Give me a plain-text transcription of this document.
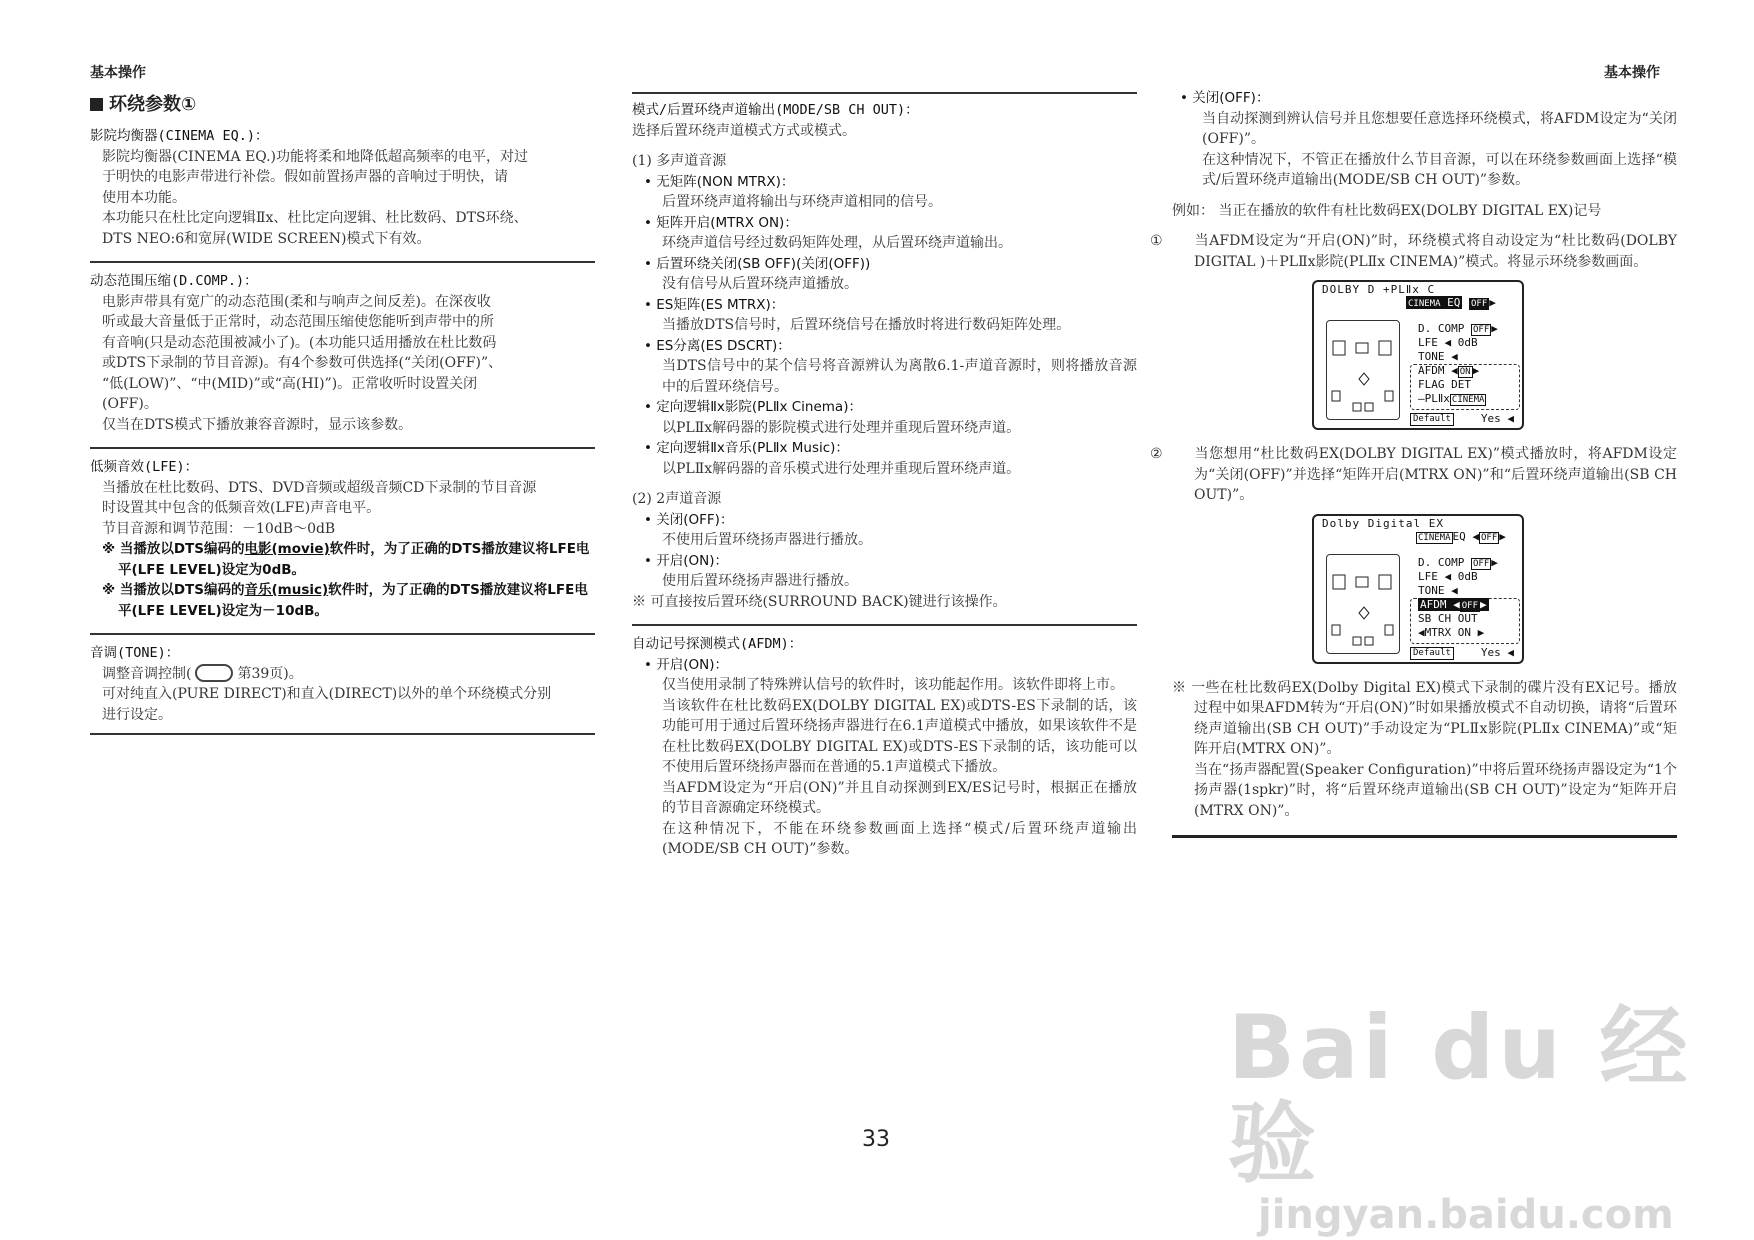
基本操作	基本操作
环绕参数①
影院均衡器(CINEMA EQ.)：
影院均衡器(CINEMA EQ.)功能将柔和地降低超高频率的电平，对过
于明快的电影声带进行补偿。假如前置扬声器的音响过于明快，请
使用本功能。
本功能只在杜比定向逻辑Ⅱx、杜比定向逻辑、杜比数码、DTS环绕、
DTS NEO:6和宽屏(WIDE SCREEN)模式下有效。
动态范围压缩(D.COMP.)：
电影声带具有宽广的动态范围(柔和与响声之间反差)。在深夜收
听或最大音量低于正常时，动态范围压缩使您能听到声带中的所
有音响(只是动态范围被减小了)。(本功能只适用播放在杜比数码
或DTS下录制的节目音源)。有4个参数可供选择(“关闭(OFF)”、
“低(LOW)”、“中(MID)”或“高(HI)”)。正常收听时设置关闭
(OFF)。
仅当在DTS模式下播放兼容音源时，显示该参数。
低频音效(LFE)：
当播放在杜比数码、DTS、DVD音频或超级音频CD下录制的节目音源
时设置其中包含的低频音效(LFE)声音电平。
节目音源和调节范围：－10dB～0dB
※ 当播放以DTS编码的电影(movie)软件时，为了正确的DTS播放建议将LFE电平(LFE LEVEL)设定为0dB。
※ 当播放以DTS编码的音乐(music)软件时，为了正确的DTS播放建议将LFE电平(LFE LEVEL)设定为－10dB。
音调(TONE)：
调整音调控制(	第39页)。
可对纯直入(PURE DIRECT)和直入(DIRECT)以外的单个环绕模式分别
进行设定。
模式/后置环绕声道输出(MODE/SB CH OUT)：
选择后置环绕声道模式方式或模式。
(1) 多声道音源
• 无矩阵(NON MTRX)：
后置环绕声道将输出与环绕声道相同的信号。
• 矩阵开启(MTRX ON)：
环绕声道信号经过数码矩阵处理，从后置环绕声道输出。
• 后置环绕关闭(SB OFF)(关闭(OFF))
没有信号从后置环绕声道播放。
• ES矩阵(ES MTRX)：
当播放DTS信号时，后置环绕信号在播放时将进行数码矩阵处理。
• ES分离(ES DSCRT)：
当DTS信号中的某个信号将音源辨认为离散6.1-声道音源时，则将播放音源中的后置环绕信号。
• 定向逻辑Ⅱx影院(PLⅡx Cinema)：
以PLⅡx解码器的影院模式进行处理并重现后置环绕声道。
• 定向逻辑Ⅱx音乐(PLⅡx Music)：
以PLⅡx解码器的音乐模式进行处理并重现后置环绕声道。
(2) 2声道音源
• 关闭(OFF)：
不使用后置环绕扬声器进行播放。
• 开启(ON)：
使用后置环绕扬声器进行播放。
※ 可直接按后置环绕(SURROUND BACK)键进行该操作。
自动记号探测模式(AFDM)：
• 开启(ON)：
仅当使用录制了特殊辨认信号的软件时，该功能起作用。该软件即将上市。
当该软件在杜比数码EX(DOLBY DIGITAL EX)或DTS-ES下录制的话，该功能可用于通过后置环绕扬声器进行在6.1声道模式中播放，如果该软件不是在杜比数码EX(DOLBY DIGITAL EX)或DTS-ES下录制的话，该功能可以不使用后置环绕扬声器而在普通的5.1声道模式下播放。
当AFDM设定为“开启(ON)”并且自动探测到EX/ES记号时，根据正在播放的节目音源确定环绕模式。
在这种情况下，不能在环绕参数画面上选择“模式/后置环绕声道输出(MODE/SB CH OUT)”参数。
• 关闭(OFF)：
当自动探测到辨认信号并且您想要任意选择环绕模式，将AFDM设定为“关闭(OFF)”。
在这种情况下，不管正在播放什么节目音源，可以在环绕参数画面上选择“模式/后置环绕声道输出(MODE/SB CH OUT)”参数。
例如： 当正在播放的软件有杜比数码EX(DOLBY DIGITAL EX)记号
① 当AFDM设定为“开启(ON)”时，环绕模式将自动设定为“杜比数码(DOLBY DIGITAL )＋PLⅡx影院(PLⅡx CINEMA)”模式。将显示环绕参数画面。
DOLBY D +PLⅡx C
CINEMA EQ OFF ▶
D. COMP OFF ▶
LFE ◀ 0dB
TONE ◀
AFDM ◀ ON ▶
FLAG DET
—PLⅡx CINEMA
Default	Yes ◀
② 当您想用“杜比数码EX(DOLBY DIGITAL EX)”模式播放时，将AFDM设定为“关闭(OFF)”并选择“矩阵开启(MTRX ON)”和“后置环绕声道输出(SB CH OUT)”。
Dolby Digital EX
CINEMA EQ ◀ OFF ▶
D. COMP OFF ▶
LFE ◀ 0dB
TONE ◀
AFDM ◀ OFF ▶
SB CH OUT
◀MTRX ON ▶
Default	Yes ◀
※ 一些在杜比数码EX(Dolby Digital EX)模式下录制的碟片没有EX记号。播放过程中如果AFDM转为“开启(ON)”时如果播放模式不自动切换，请将“后置环绕声道输出(SB CH OUT)”手动设定为“PLⅡx影院(PLⅡx CINEMA)”或“矩阵开启(MTRX ON)”。
当在“扬声器配置(Speaker Configuration)”中将后置环绕扬声器设定为“1个扬声器(1spkr)”时，将“后置环绕声道输出(SB CH OUT)”设定为“矩阵开启(MTRX ON)”。
33
Bai du 经验
jingyan.baidu.com
